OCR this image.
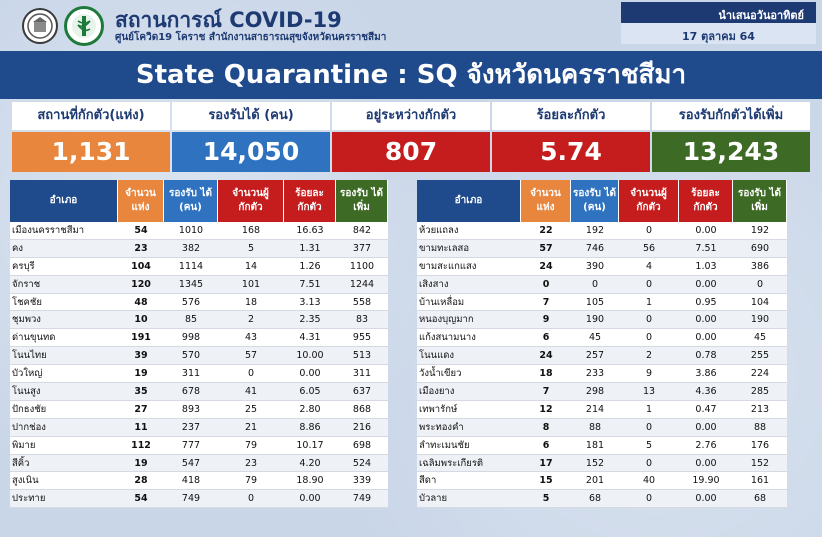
สถานการณ์ COVID-19
ศูนย์โควิด19 โคราช สำนักงานสาธารณสุขจังหวัดนครราชสีมา
นำเสนอวันอาทิตย์
17 ตุลาคม 64
State Quarantine : SQ จังหวัดนครราชสีมา
สถานที่กักตัว(แห่ง)
1,131
รองรับได้ (คน)
14,050
อยู่ระหว่างกักตัว
807
ร้อยละกักตัว
5.74
รองรับกักตัวได้เพิ่ม
13,243
อำเภอ	จำนวน แห่ง	รองรับ ได้ (คน)	จำนวนผู้ กักตัว	ร้อยละ กักตัว	รองรับ ได้เพิ่ม
เมืองนครราชสีมา	54	1010	168	16.63	842
คง	23	382	5	1.31	377
ครบุรี	104	1114	14	1.26	1100
จักราช	120	1345	101	7.51	1244
โชคชัย	48	576	18	3.13	558
ชุมพวง	10	85	2	2.35	83
ด่านขุนทด	191	998	43	4.31	955
โนนไทย	39	570	57	10.00	513
บัวใหญ่	19	311	0	0.00	311
โนนสูง	35	678	41	6.05	637
ปักธงชัย	27	893	25	2.80	868
ปากช่อง	11	237	21	8.86	216
พิมาย	112	777	79	10.17	698
สีคิ้ว	19	547	23	4.20	524
สูงเนิน	28	418	79	18.90	339
ประทาย	54	749	0	0.00	749
อำเภอ	จำนวน แห่ง	รองรับ ได้ (คน)	จำนวนผู้ กักตัว	ร้อยละ กักตัว	รองรับ ได้เพิ่ม
ห้วยแถลง	22	192	0	0.00	192
ขามทะเลสอ	57	746	56	7.51	690
ขามสะแกแสง	24	390	4	1.03	386
เสิงสาง	0	0	0	0.00	0
บ้านเหลื่อม	7	105	1	0.95	104
หนองบุญมาก	9	190	0	0.00	190
แก้งสนามนาง	6	45	0	0.00	45
โนนแดง	24	257	2	0.78	255
วังน้ำเขียว	18	233	9	3.86	224
เมืองยาง	7	298	13	4.36	285
เทพารักษ์	12	214	1	0.47	213
พระทองคำ	8	88	0	0.00	88
ลำทะเมนชัย	6	181	5	2.76	176
เฉลิมพระเกียรติ	17	152	0	0.00	152
สีดา	15	201	40	19.90	161
บัวลาย	5	68	0	0.00	68
